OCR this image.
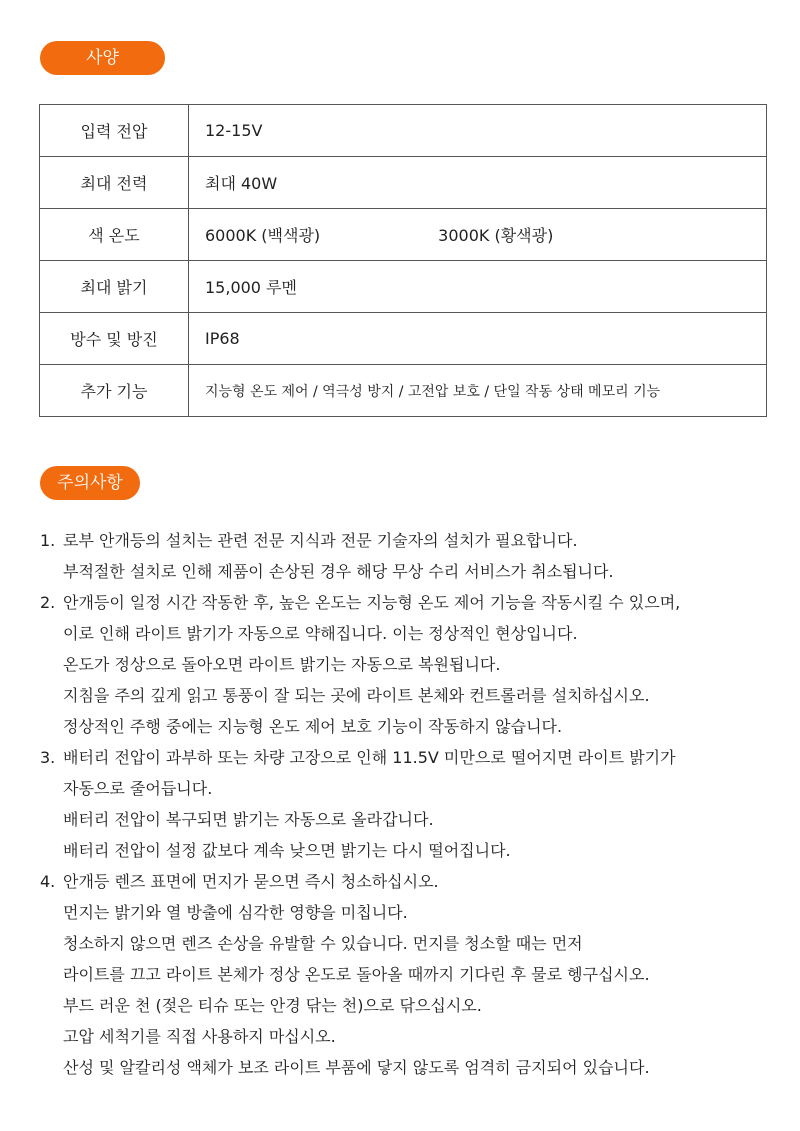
사양
입력 전압	12-15V
최대 전력	최대 40W
색 온도	6000K (백색광) 3000K (황색광)
최대 밝기	15,000 루멘
방수 및 방진	IP68
추가 기능	지능형 온도 제어 / 역극성 방지 / 고전압 보호 / 단일 작동 상태 메모리 기능
주의사항
1. 로부 안개등의 설치는 관련 전문 지식과 전문 기술자의 설치가 필요합니다.
부적절한 설치로 인해 제품이 손상된 경우 해당 무상 수리 서비스가 취소됩니다.
2. 안개등이 일정 시간 작동한 후, 높은 온도는 지능형 온도 제어 기능을 작동시킬 수 있으며,
이로 인해 라이트 밝기가 자동으로 약해집니다. 이는 정상적인 현상입니다.
온도가 정상으로 돌아오면 라이트 밝기는 자동으로 복원됩니다.
지침을 주의 깊게 읽고 통풍이 잘 되는 곳에 라이트 본체와 컨트롤러를 설치하십시오.
정상적인 주행 중에는 지능형 온도 제어 보호 기능이 작동하지 않습니다.
3. 배터리 전압이 과부하 또는 차량 고장으로 인해 11.5V 미만으로 떨어지면 라이트 밝기가
자동으로 줄어듭니다.
배터리 전압이 복구되면 밝기는 자동으로 올라갑니다.
배터리 전압이 설정 값보다 계속 낮으면 밝기는 다시 떨어집니다.
4. 안개등 렌즈 표면에 먼지가 묻으면 즉시 청소하십시오.
먼지는 밝기와 열 방출에 심각한 영향을 미칩니다.
청소하지 않으면 렌즈 손상을 유발할 수 있습니다. 먼지를 청소할 때는 먼저
라이트를 끄고 라이트 본체가 정상 온도로 돌아올 때까지 기다린 후 물로 헹구십시오.
부드 러운 천 (젖은 티슈 또는 안경 닦는 천)으로 닦으십시오.
고압 세척기를 직접 사용하지 마십시오.
산성 및 알칼리성 액체가 보조 라이트 부품에 닿지 않도록 엄격히 금지되어 있습니다.
